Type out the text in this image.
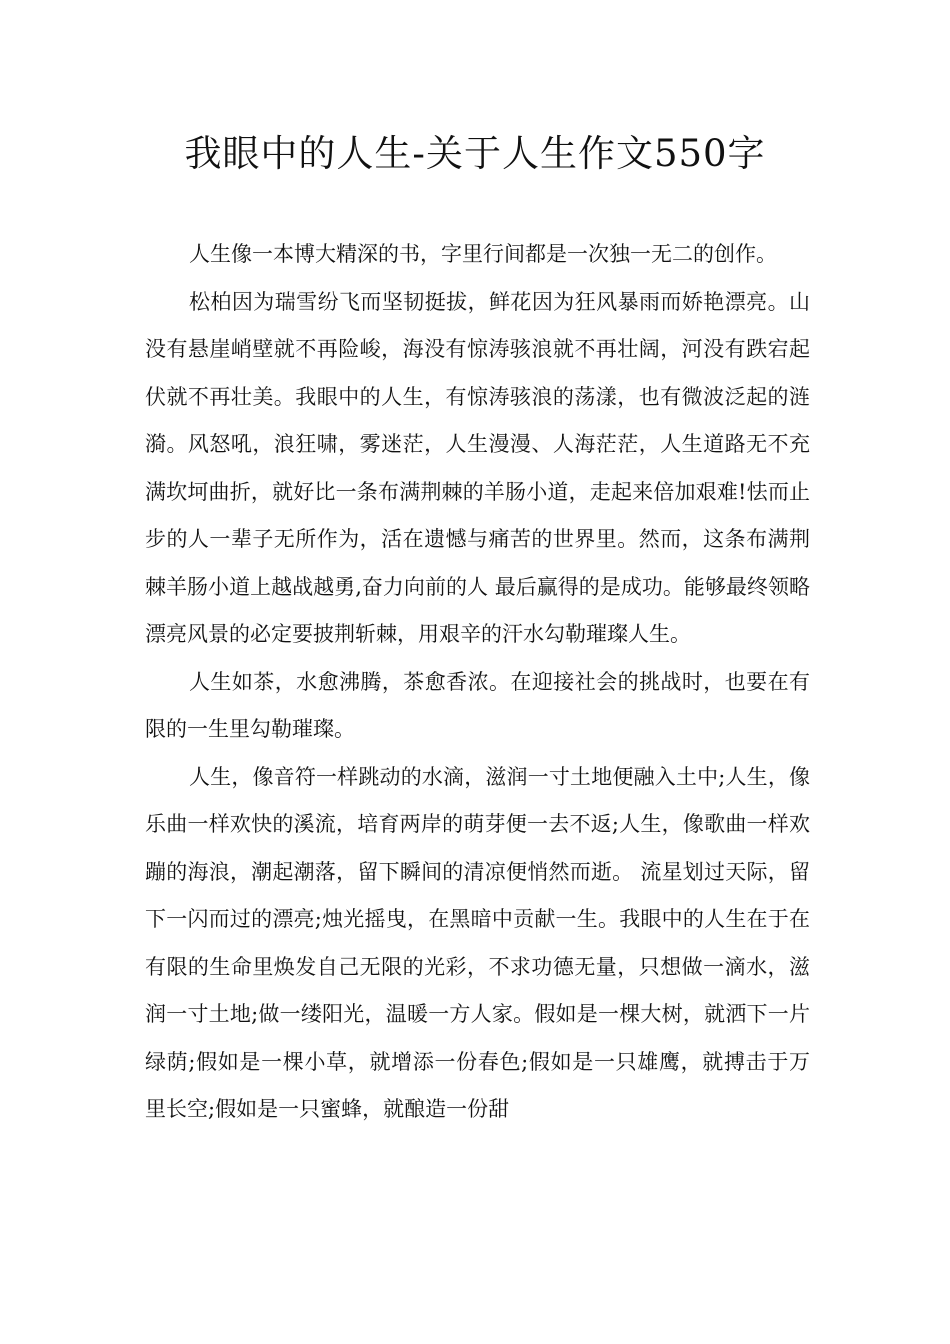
我眼中的人生-关于人生作文550字

人生像一本博大精深的书，字里行间都是一次独一无二的创作。

松柏因为瑞雪纷飞而坚韧挺拔，鲜花因为狂风暴雨而娇艳漂亮。山没有悬崖峭壁就不再险峻，海没有惊涛骇浪就不再壮阔，河没有跌宕起伏就不再壮美。我眼中的人生，有惊涛骇浪的荡漾，也有微波泛起的涟漪。风怒吼，浪狂啸，雾迷茫，人生漫漫、人海茫茫，人生道路无不充满坎坷曲折，就好比一条布满荆棘的羊肠小道，走起来倍加艰难!怯而止步的人一辈子无所作为，活在遗憾与痛苦的世界里。然而，这条布满荆棘羊肠小道上越战越勇,奋力向前的人 最后赢得的是成功。能够最终领略漂亮风景的必定要披荆斩棘，用艰辛的汗水勾勒璀璨人生。

人生如茶，水愈沸腾，茶愈香浓。在迎接社会的挑战时，也要在有限的一生里勾勒璀璨。

人生，像音符一样跳动的水滴，滋润一寸土地便融入土中;人生，像乐曲一样欢快的溪流，培育两岸的萌芽便一去不返;人生，像歌曲一样欢蹦的海浪，潮起潮落，留下瞬间的清凉便悄然而逝。 流星划过天际，留下一闪而过的漂亮;烛光摇曳，在黑暗中贡献一生。我眼中的人生在于在有限的生命里焕发自己无限的光彩，不求功德无量，只想做一滴水，滋润一寸土地;做一缕阳光，温暖一方人家。假如是一棵大树，就洒下一片绿荫;假如是一棵小草，就增添一份春色;假如是一只雄鹰，就搏击于万里长空;假如是一只蜜蜂，就酿造一份甜
